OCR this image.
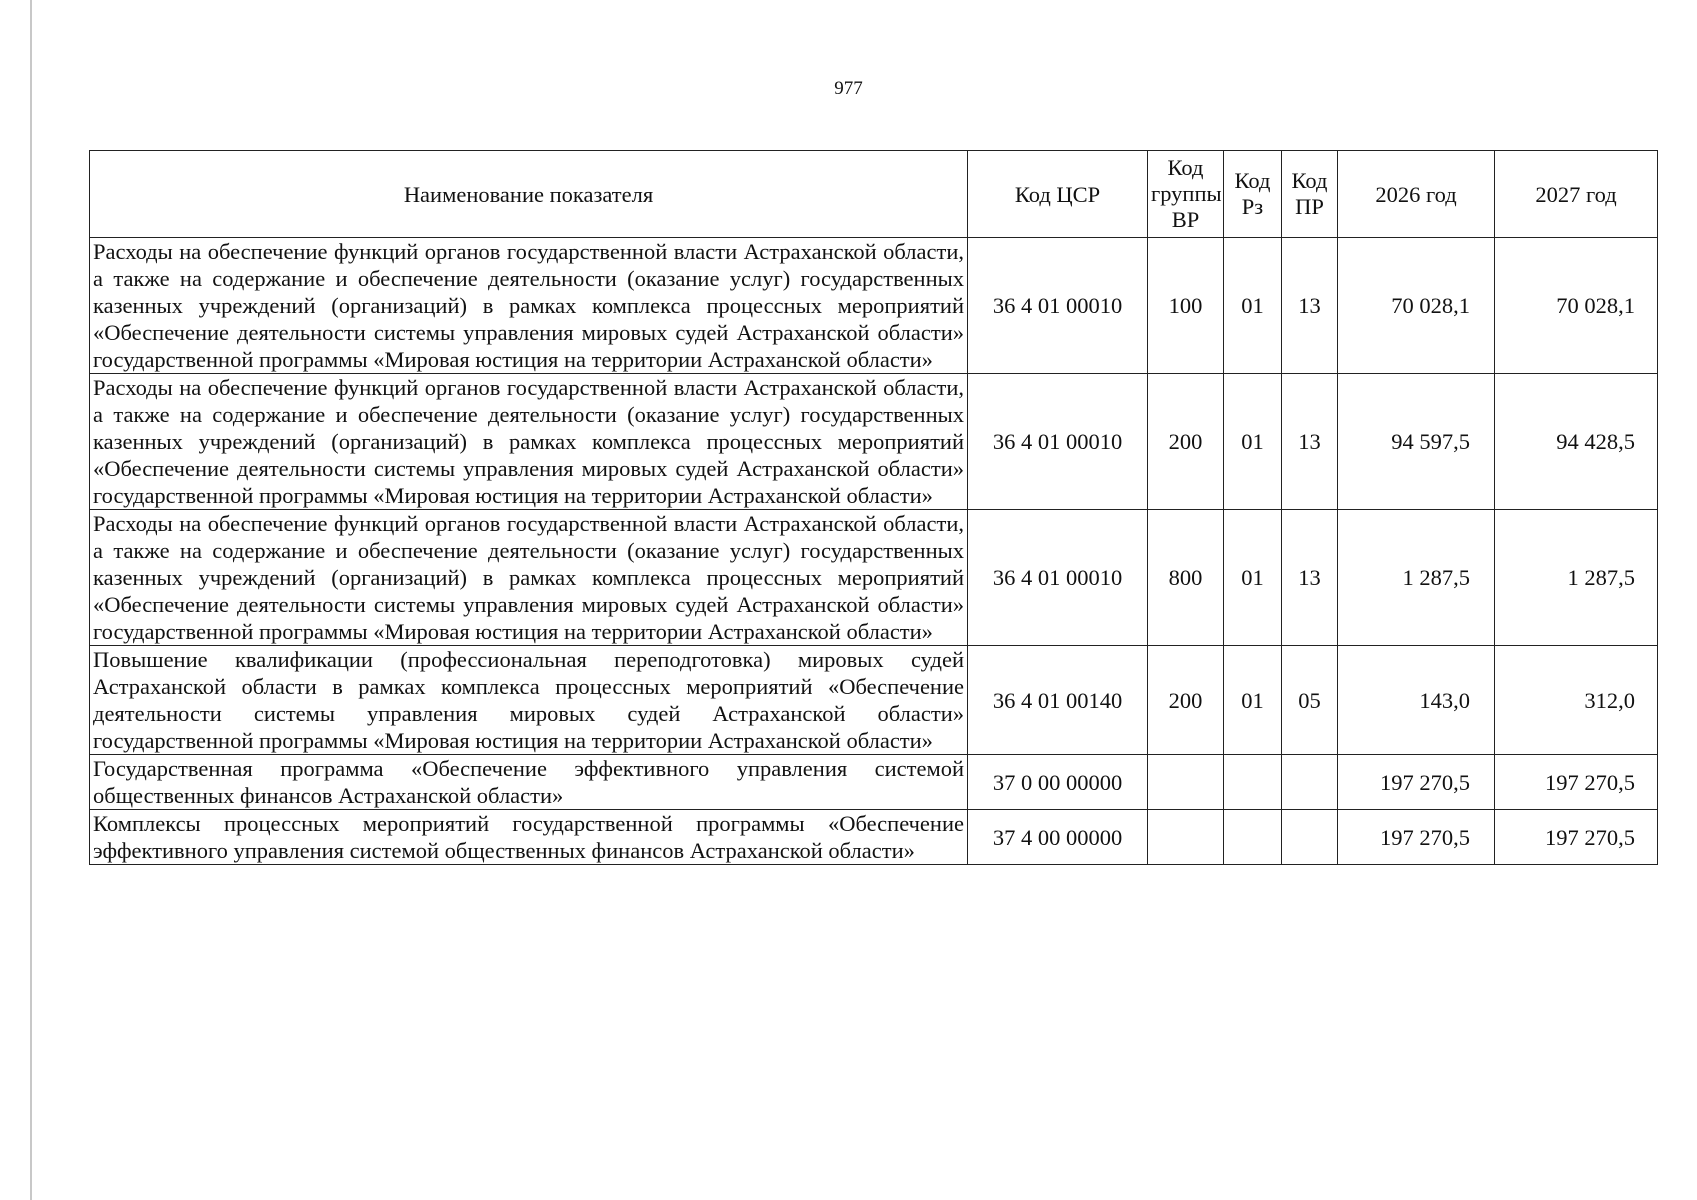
977
Наименование показателя	Код ЦСР	Код группы ВР	Код Рз	Код ПР	2026 год	2027 год
Расходы на обеспечение функций органов государственной власти Астраханской области, а также на содержание и обеспечение деятельности (оказание услуг) государственных казенных учреждений (организаций) в рамках комплекса процессных мероприятий «Обеспечение деятельности системы управления мировых судей Астраханской области» государственной программы «Мировая юстиция на территории Астраханской области»	36 4 01 00010	100	01	13	70 028,1	70 028,1
Расходы на обеспечение функций органов государственной власти Астраханской области, а также на содержание и обеспечение деятельности (оказание услуг) государственных казенных учреждений (организаций) в рамках комплекса процессных мероприятий «Обеспечение деятельности системы управления мировых судей Астраханской области» государственной программы «Мировая юстиция на территории Астраханской области»	36 4 01 00010	200	01	13	94 597,5	94 428,5
Расходы на обеспечение функций органов государственной власти Астраханской области, а также на содержание и обеспечение деятельности (оказание услуг) государственных казенных учреждений (организаций) в рамках комплекса процессных мероприятий «Обеспечение деятельности системы управления мировых судей Астраханской области» государственной программы «Мировая юстиция на территории Астраханской области»	36 4 01 00010	800	01	13	1 287,5	1 287,5
Повышение квалификации (профессиональная переподготовка) мировых судей Астраханской области в рамках комплекса процессных мероприятий «Обеспечение деятельности системы управления мировых судей Астраханской области» государственной программы «Мировая юстиция на территории Астраханской области»	36 4 01 00140	200	01	05	143,0	312,0
Государственная программа «Обеспечение эффективного управления системой общественных финансов Астраханской области»	37 0 00 00000				197 270,5	197 270,5
Комплексы процессных мероприятий государственной программы «Обеспечение эффективного управления системой общественных финансов Астраханской области»	37 4 00 00000				197 270,5	197 270,5
